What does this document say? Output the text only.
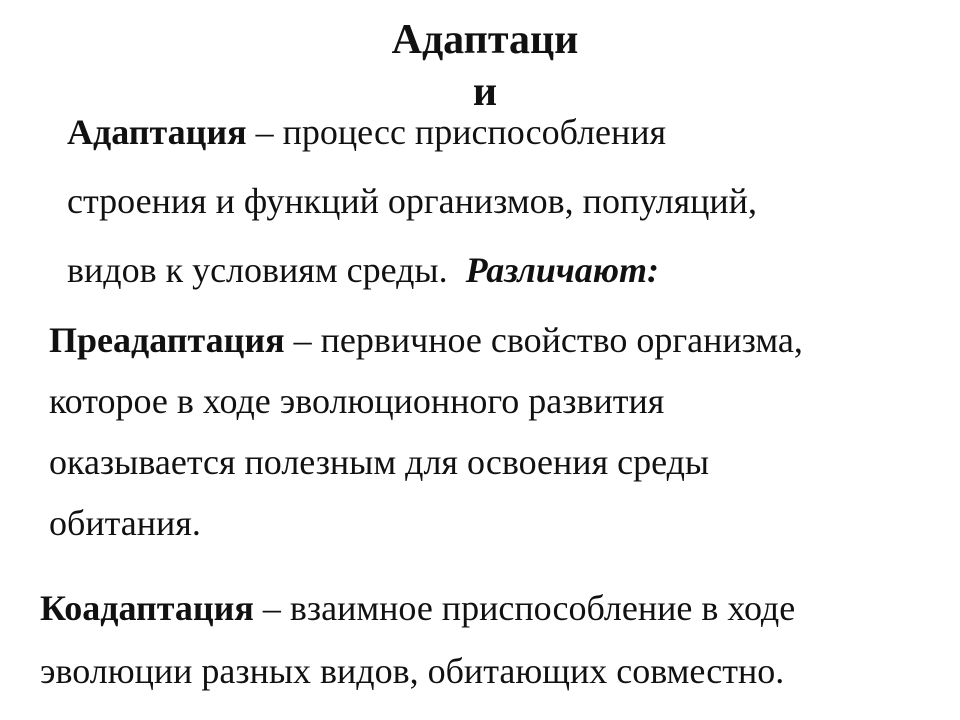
Адаптаци
и
Адаптация – процесс приспособления
строения и функций организмов, популяций,
видов к условиям среды. Различают:
Преадаптация – первичное свойство организма,
которое в ходе эволюционного развития
оказывается полезным для освоения среды
обитания.
Коадаптация – взаимное приспособление в ходе
эволюции разных видов, обитающих совместно.
